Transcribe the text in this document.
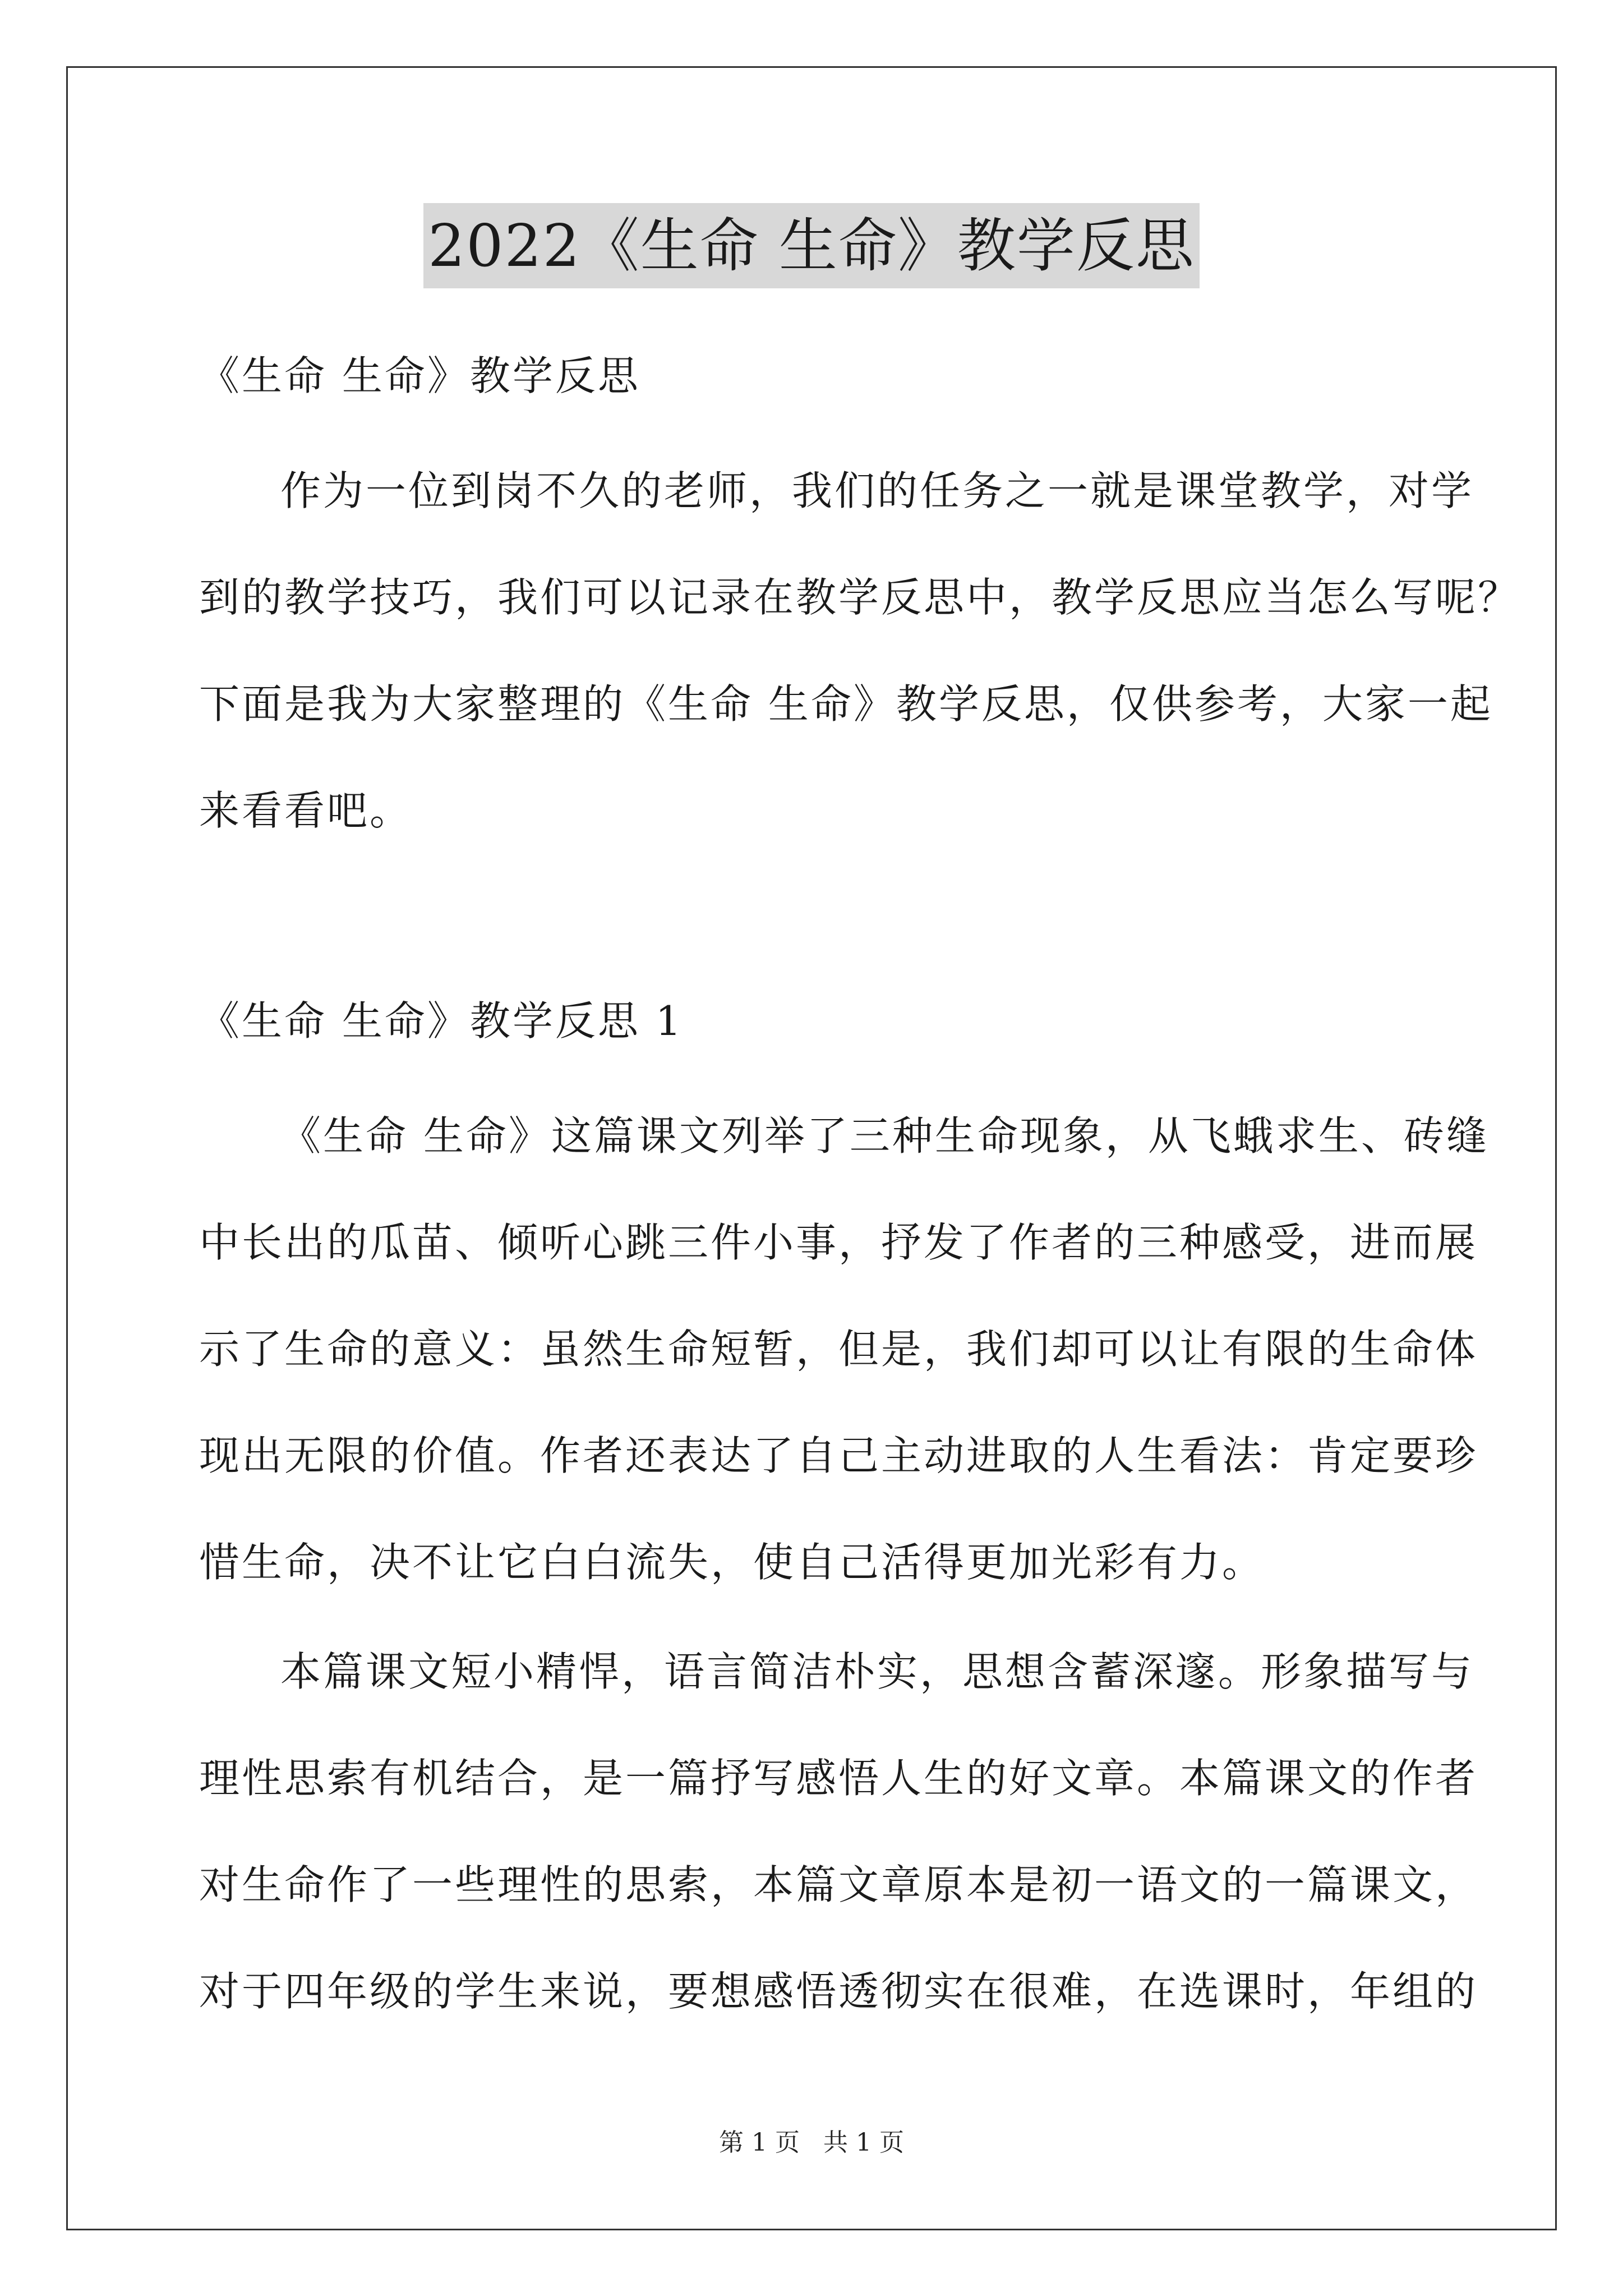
2022《生命 生命》教学反思

《生命 生命》教学反思

作为一位到岗不久的老师，我们的任务之一就是课堂教学，对学
到的教学技巧，我们可以记录在教学反思中，教学反思应当怎么写呢？
下面是我为大家整理的《生命 生命》教学反思，仅供参考，大家一起
来看看吧。

《生命 生命》教学反思 1

《生命 生命》这篇课文列举了三种生命现象，从飞蛾求生、砖缝
中长出的瓜苗、倾听心跳三件小事，抒发了作者的三种感受，进而展
示了生命的意义：虽然生命短暂，但是，我们却可以让有限的生命体
现出无限的价值。作者还表达了自己主动进取的人生看法：肯定要珍
惜生命，决不让它白白流失，使自己活得更加光彩有力。
本篇课文短小精悍，语言简洁朴实，思想含蓄深邃。形象描写与
理性思索有机结合，是一篇抒写感悟人生的好文章。本篇课文的作者
对生命作了一些理性的思索，本篇文章原本是初一语文的一篇课文，
对于四年级的学生来说，要想感悟透彻实在很难，在选课时，年组的
第 1 页 共 1 页
